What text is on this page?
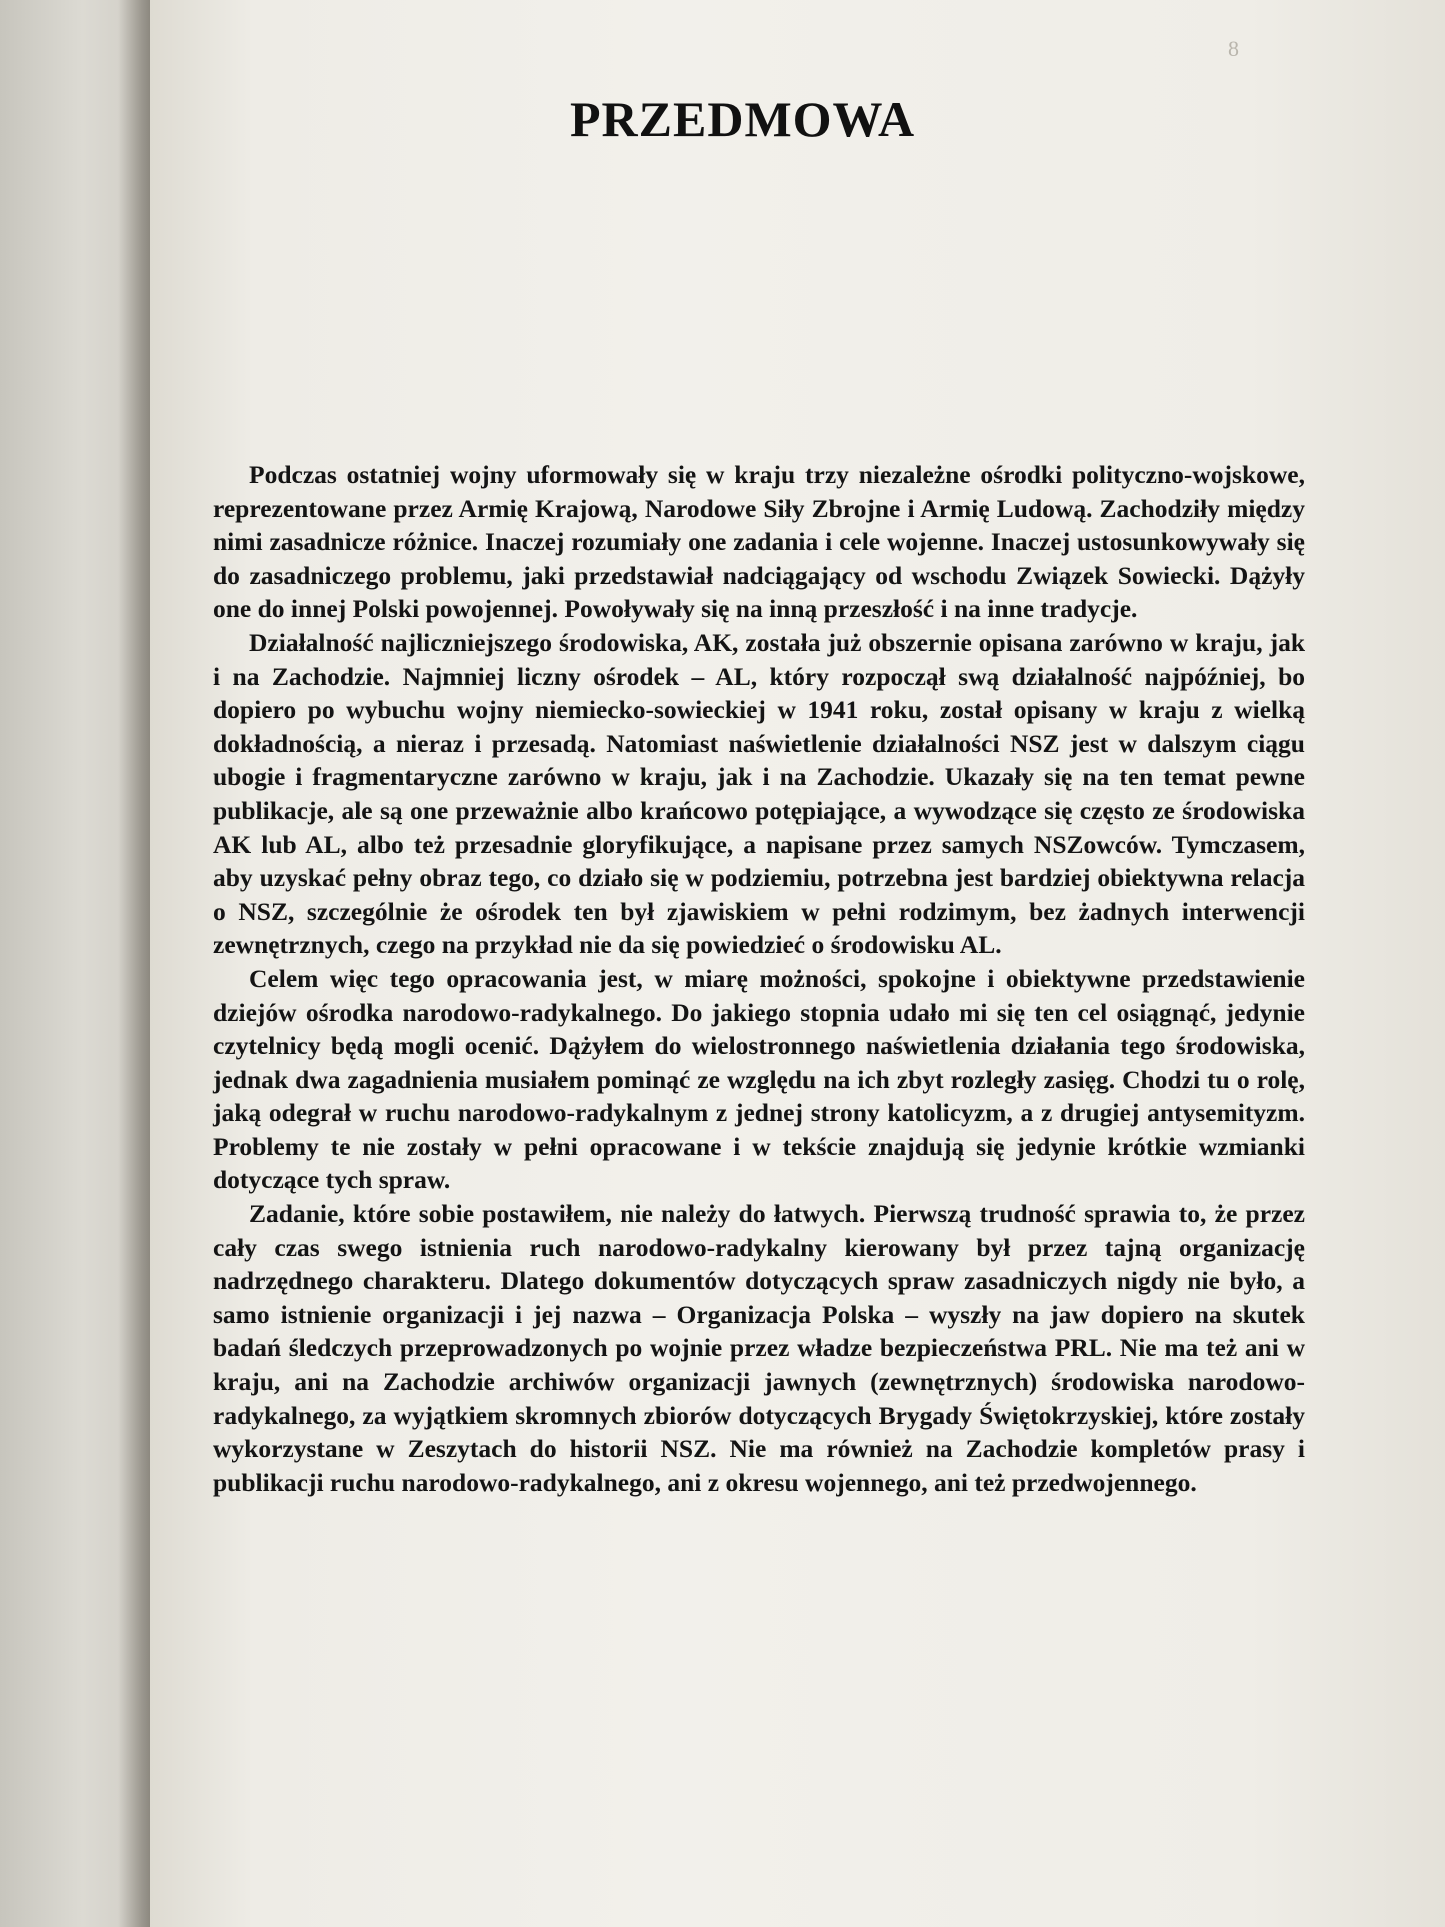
8
PRZEDMOWA

Podczas ostatniej wojny uformowały się w kraju trzy niezależne ośrodki polityczno-wojskowe, reprezentowane przez Armię Krajową, Narodowe Siły Zbrojne i Armię Ludową. Zachodziły między nimi zasadnicze różnice. Inaczej rozumiały one zadania i cele wojenne. Inaczej ustosunkowywały się do zasadniczego problemu, jaki przedstawiał nadciągający od wschodu Związek Sowiecki. Dążyły one do innej Polski powojennej. Powoływały się na inną przeszłość i na inne tradycje.

Działalność najliczniejszego środowiska, AK, została już obszernie opisana zarówno w kraju, jak i na Zachodzie. Najmniej liczny ośrodek – AL, który rozpoczął swą działalność najpóźniej, bo dopiero po wybuchu wojny niemiecko-sowieckiej w 1941 roku, został opisany w kraju z wielką dokładnością, a nieraz i przesadą. Natomiast naświetlenie działalności NSZ jest w dalszym ciągu ubogie i fragmentaryczne zarówno w kraju, jak i na Zachodzie. Ukazały się na ten temat pewne publikacje, ale są one przeważnie albo krańcowo potępiające, a wywodzące się często ze środowiska AK lub AL, albo też przesadnie gloryfikujące, a napisane przez samych NSZowców. Tymczasem, aby uzyskać pełny obraz tego, co działo się w podziemiu, potrzebna jest bardziej obiektywna relacja o NSZ, szczególnie że ośrodek ten był zjawiskiem w pełni rodzimym, bez żadnych interwencji zewnętrznych, czego na przykład nie da się powiedzieć o środowisku AL.

Celem więc tego opracowania jest, w miarę możności, spokojne i obiektywne przedstawienie dziejów ośrodka narodowo-radykalnego. Do jakiego stopnia udało mi się ten cel osiągnąć, jedynie czytelnicy będą mogli ocenić. Dążyłem do wielostronnego naświetlenia działania tego środowiska, jednak dwa zagadnienia musiałem pominąć ze względu na ich zbyt rozległy zasięg. Chodzi tu o rolę, jaką odegrał w ruchu narodowo-radykalnym z jednej strony katolicyzm, a z drugiej antysemityzm. Problemy te nie zostały w pełni opracowane i w tekście znajdują się jedynie krótkie wzmianki dotyczące tych spraw.

Zadanie, które sobie postawiłem, nie należy do łatwych. Pierwszą trudność sprawia to, że przez cały czas swego istnienia ruch narodowo-radykalny kierowany był przez tajną organizację nadrzędnego charakteru. Dlatego dokumentów dotyczących spraw zasadniczych nigdy nie było, a samo istnienie organizacji i jej nazwa – Organizacja Polska – wyszły na jaw dopiero na skutek badań śledczych przeprowadzonych po wojnie przez władze bezpieczeństwa PRL. Nie ma też ani w kraju, ani na Zachodzie archiwów organizacji jawnych (zewnętrznych) środowiska narodowo-radykalnego, za wyjątkiem skromnych zbiorów dotyczących Brygady Świętokrzyskiej, które zostały wykorzystane w Zeszytach do historii NSZ. Nie ma również na Zachodzie kompletów prasy i publikacji ruchu narodowo-radykalnego, ani z okresu wojennego, ani też przedwojennego.
